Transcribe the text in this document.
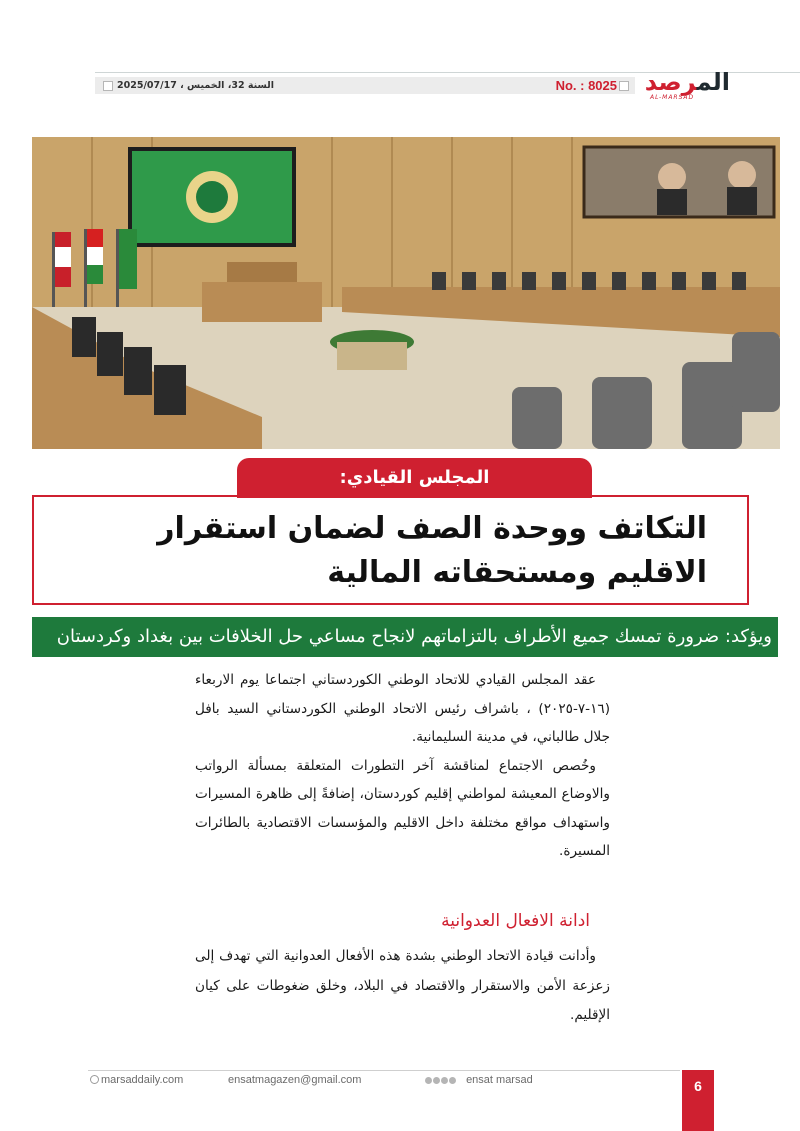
السنة 32، الخميس ، 2025/07/17	No. : 8025	المرصد
AL-MARSAD
التكاتف ووحدة الصف لضمان استقرار الاقليم ومستحقاته المالية
المجلس القيادي:
ويؤكد: ضرورة تمسك جميع الأطراف بالتزاماتهم لانجاح مساعي حل الخلافات بين بغداد وكردستان

عقد المجلس القيادي للاتحاد الوطني الكوردستاني اجتماعا يوم الاربعاء (١٦-٧-٢٠٢٥) ، باشراف رئيس الاتحاد الوطني الكوردستاني السيد بافل جلال طالباني، في مدينة السليمانية.

وخُصص الاجتماع لمناقشة آخر التطورات المتعلقة بمسألة الرواتب والاوضاع المعيشة لمواطني إقليم كوردستان، إضافةً إلى ظاهرة المسيرات واستهداف مواقع مختلفة داخل الاقليم والمؤسسات الاقتصادية بالطائرات المسيرة.

ادانة الافعال العدوانية

وأدانت قيادة الاتحاد الوطني بشدة هذه الأفعال العدوانية التي تهدف إلى زعزعة الأمن والاستقرار والاقتصاد في البلاد، وخلق ضغوطات على كيان الإقليم.

marsaddaily.com	ensatmagazen@gmail.com	ensat marsad	6
